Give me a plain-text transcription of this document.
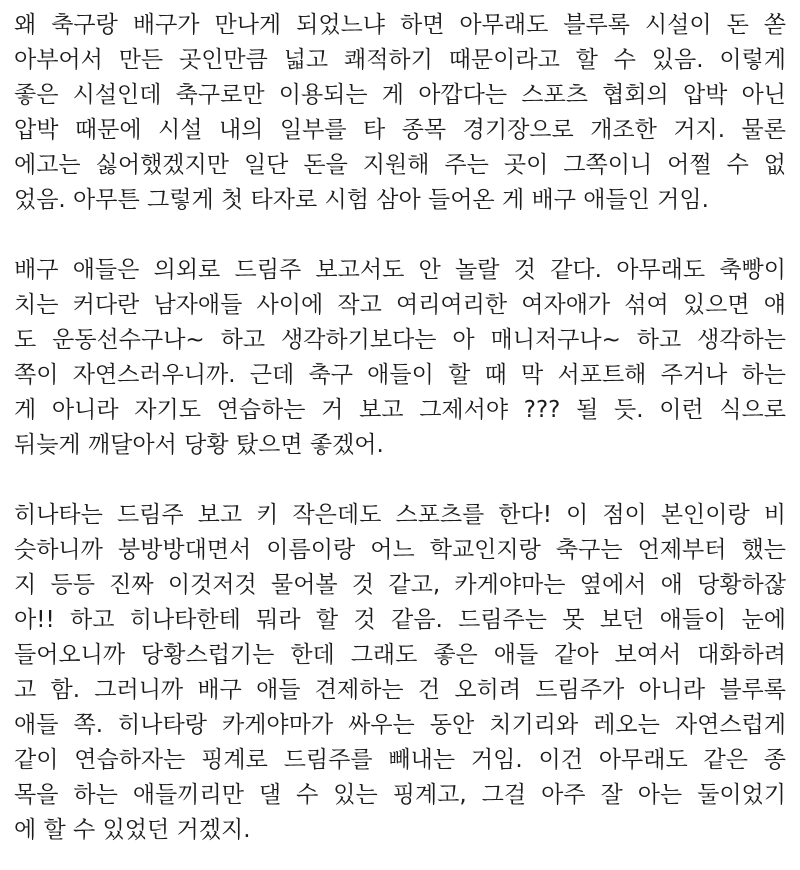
왜 축구랑 배구가 만나게 되었느냐 하면 아무래도 블루록 시설이 돈 쏟
아부어서 만든 곳인만큼 넓고 쾌적하기 때문이라고 할 수 있음. 이렇게
좋은 시설인데 축구로만 이용되는 게 아깝다는 스포츠 협회의 압박 아닌
압박 때문에 시설 내의 일부를 타 종목 경기장으로 개조한 거지. 물론
에고는 싫어했겠지만 일단 돈을 지원해 주는 곳이 그쪽이니 어쩔 수 없
었음. 아무튼 그렇게 첫 타자로 시험 삼아 들어온 게 배구 애들인 거임.
배구 애들은 의외로 드림주 보고서도 안 놀랄 것 같다. 아무래도 축빵이
치는 커다란 남자애들 사이에 작고 여리여리한 여자애가 섞여 있으면 얘
도 운동선수구나~ 하고 생각하기보다는 아 매니저구나~ 하고 생각하는
쪽이 자연스러우니까. 근데 축구 애들이 할 때 막 서포트해 주거나 하는
게 아니라 자기도 연습하는 거 보고 그제서야 ??? 될 듯. 이런 식으로
뒤늦게 깨달아서 당황 탔으면 좋겠어.
히나타는 드림주 보고 키 작은데도 스포츠를 한다! 이 점이 본인이랑 비
슷하니까 붕방방대면서 이름이랑 어느 학교인지랑 축구는 언제부터 했는
지 등등 진짜 이것저것 물어볼 것 같고, 카게야마는 옆에서 애 당황하잖
아!! 하고 히나타한테 뭐라 할 것 같음. 드림주는 못 보던 애들이 눈에
들어오니까 당황스럽기는 한데 그래도 좋은 애들 같아 보여서 대화하려
고 함. 그러니까 배구 애들 견제하는 건 오히려 드림주가 아니라 블루록
애들 쪽. 히나타랑 카게야마가 싸우는 동안 치기리와 레오는 자연스럽게
같이 연습하자는 핑계로 드림주를 빼내는 거임. 이건 아무래도 같은 종
목을 하는 애들끼리만 댈 수 있는 핑계고, 그걸 아주 잘 아는 둘이었기
에 할 수 있었던 거겠지.
